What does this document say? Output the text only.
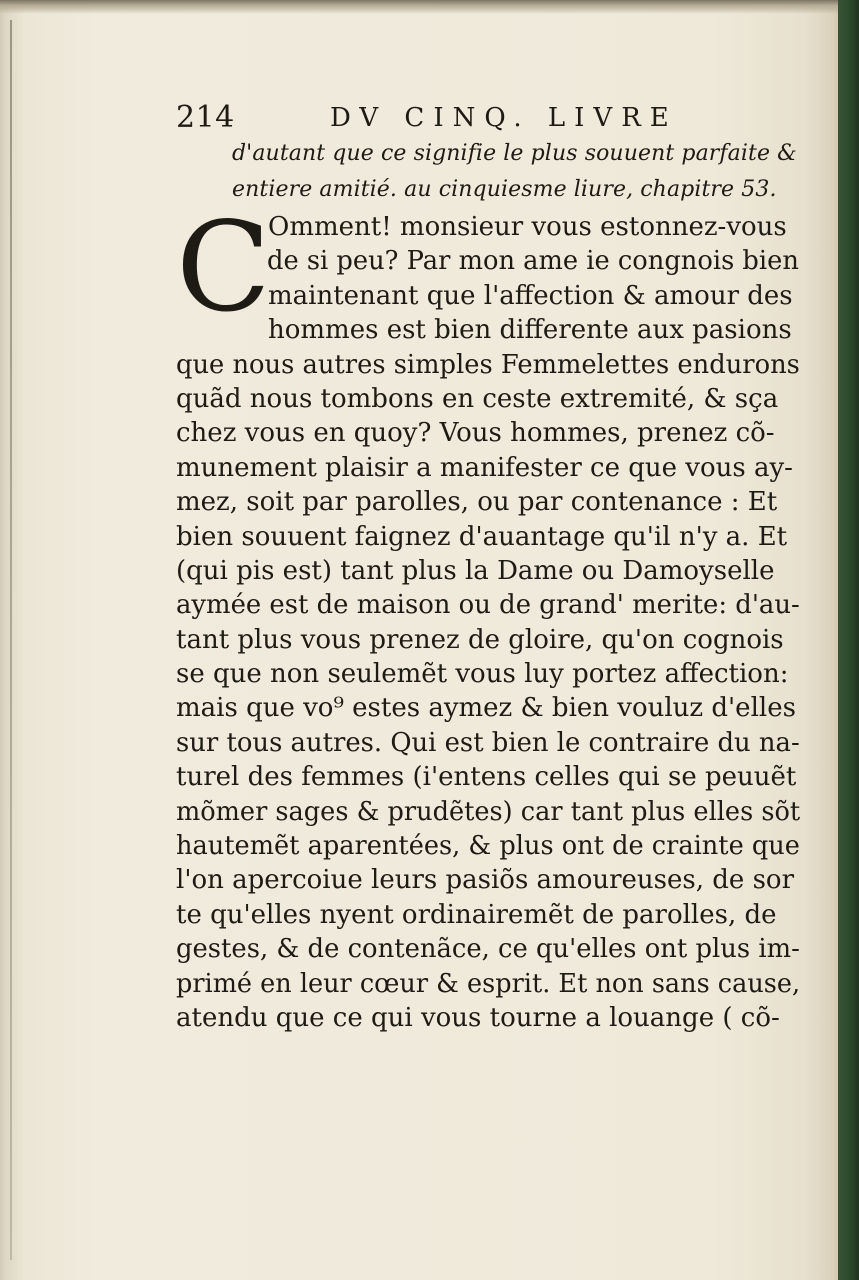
214	DV CINQ. LIVRE
d'autant que ce signifie le plus souuent parfaite &
entiere amitié. au cinquiesme liure, chapitre 53.
C
Omment! monsieur vous estonnez-vous
de si peu? Par mon ame ie congnois bien
maintenant que l'affection & amour des
hommes est bien differente aux pasions
que nous autres simples Femmelettes endurons
quãd nous tombons en ceste extremité, & sça
chez vous en quoy? Vous hommes, prenez cõ-
munement plaisir a manifester ce que vous ay-
mez, soit par parolles, ou par contenance : Et
bien souuent faignez d'auantage qu'il n'y a. Et
(qui pis est) tant plus la Dame ou Damoyselle
aymée est de maison ou de grand' merite: d'au-
tant plus vous prenez de gloire, qu'on cognois
se que non seulemẽt vous luy portez affection:
mais que vo⁹ estes aymez & bien vouluz d'elles
sur tous autres. Qui est bien le contraire du na-
turel des femmes (i'entens celles qui se peuuẽt
mõmer sages & prudẽtes) car tant plus elles sõt
hautemẽt aparentées, & plus ont de crainte que
l'on apercoiue leurs pasiõs amoureuses, de sor
te qu'elles nyent ordinairemẽt de parolles, de
gestes, & de contenãce, ce qu'elles ont plus im-
primé en leur cœur & esprit. Et non sans cause,
atendu que ce qui vous tourne a louange ( cõ-
